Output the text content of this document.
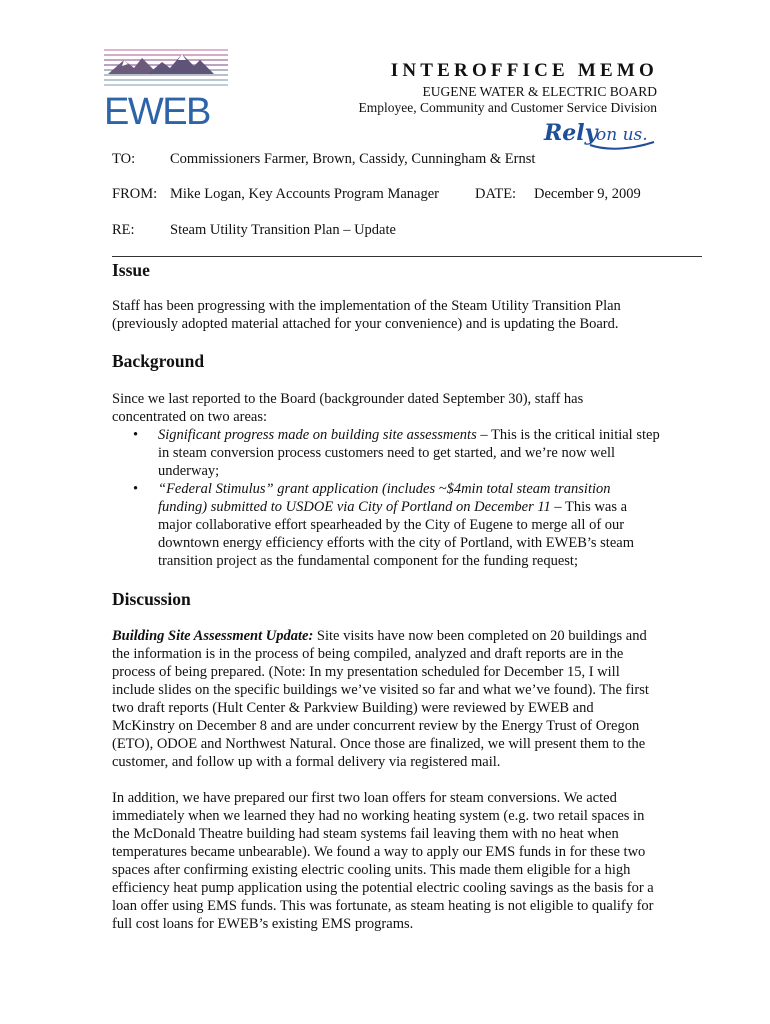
EWEB
INTEROFFICE MEMO
EUGENE WATER & ELECTRIC BOARD
Employee, Community and Customer Service Division
Rely
on us.
TO: Commissioners Farmer, Brown, Cassidy, Cunningham & Ernst
FROM: Mike Logan, Key Accounts Program Manager DATE: December 9, 2009
RE: Steam Utility Transition Plan – Update
Issue

Staff has been progressing with the implementation of the Steam Utility Transition Plan (previously adopted material attached for your convenience) and is updating the Board.

Background

Since we last reported to the Board (backgrounder dated September 30), staff has concentrated on two areas:

• Significant progress made on building site assessments – This is the critical initial step in steam conversion process customers need to get started, and we’re now well underway;
• “Federal Stimulus” grant application (includes ~$4min total steam transition funding) submitted to USDOE via City of Portland on December 11 – This was a major collaborative effort spearheaded by the City of Eugene to merge all of our downtown energy efficiency efforts with the city of Portland, with EWEB’s steam transition project as the fundamental component for the funding request;
Discussion

Building Site Assessment Update: Site visits have now been completed on 20 buildings and the information is in the process of being compiled, analyzed and draft reports are in the process of being prepared. (Note: In my presentation scheduled for December 15, I will include slides on the specific buildings we’ve visited so far and what we’ve found). The first two draft reports (Hult Center & Parkview Building) were reviewed by EWEB and McKinstry on December 8 and are under concurrent review by the Energy Trust of Oregon (ETO), ODOE and Northwest Natural. Once those are finalized, we will present them to the customer, and follow up with a formal delivery via registered mail.

In addition, we have prepared our first two loan offers for steam conversions. We acted immediately when we learned they had no working heating system (e.g. two retail spaces in the McDonald Theatre building had steam systems fail leaving them with no heat when temperatures became unbearable). We found a way to apply our EMS funds in for these two spaces after confirming existing electric cooling units. This made them eligible for a high efficiency heat pump application using the potential electric cooling savings as the basis for a loan offer using EMS funds. This was fortunate, as steam heating is not eligible to qualify for full cost loans for EWEB’s existing EMS programs.
